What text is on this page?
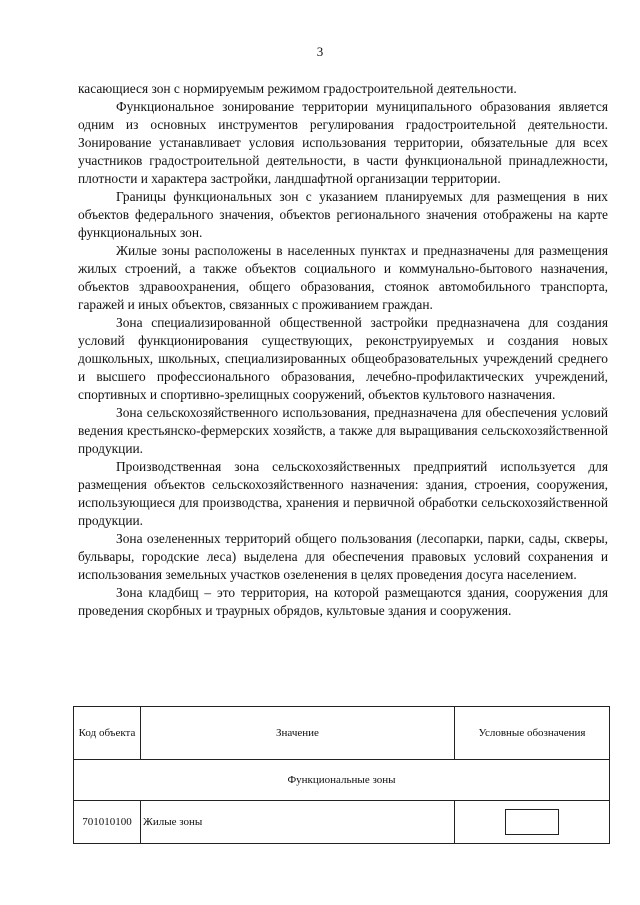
3

касающиеся зон с нормируемым режимом градостроительной деятельности.

Функциональное зонирование территории муниципального образования является одним из основных инструментов регулирования градостроительной деятельности. Зонирование устанавливает условия использования территории, обязательные для всех участников градостроительной деятельности, в части функциональной принадлежности, плотности и характера застройки, ландшафтной организации территории.

Границы функциональных зон с указанием планируемых для размещения в них объектов федерального значения, объектов регионального значения отображены на карте функциональных зон.

Жилые зоны расположены в населенных пунктах и предназначены для размещения жилых строений, а также объектов социального и коммунально-бытового назначения, объектов здравоохранения, общего образования, стоянок автомобильного транспорта, гаражей и иных объектов, связанных с проживанием граждан.

Зона специализированной общественной застройки предназначена для создания условий функционирования существующих, реконструируемых и создания новых дошкольных, школьных, специализированных общеобразовательных учреждений среднего и высшего профессионального образования, лечебно-профилактических учреждений, спортивных и спортивно-зрелищных сооружений, объектов культового назначения.

Зона сельскохозяйственного использования, предназначена для обеспечения условий ведения крестьянско-фермерских хозяйств, а также для выращивания сельскохозяйственной продукции.

Производственная зона сельскохозяйственных предприятий используется для размещения объектов сельскохозяйственного назначения: здания, строения, сооружения, использующиеся для производства, хранения и первичной обработки сельскохозяйственной продукции.

Зона озелененных территорий общего пользования (лесопарки, парки, сады, скверы, бульвары, городские леса) выделена для обеспечения правовых условий сохранения и использования земельных участков озеленения в целях проведения досуга населением.

Зона кладбищ – это территория, на которой размещаются здания, сооружения для проведения скорбных и траурных обрядов, культовые здания и сооружения.

Код объекта	Значение	Условные обозначения
Функциональные зоны		
701010100	Жилые зоны	
